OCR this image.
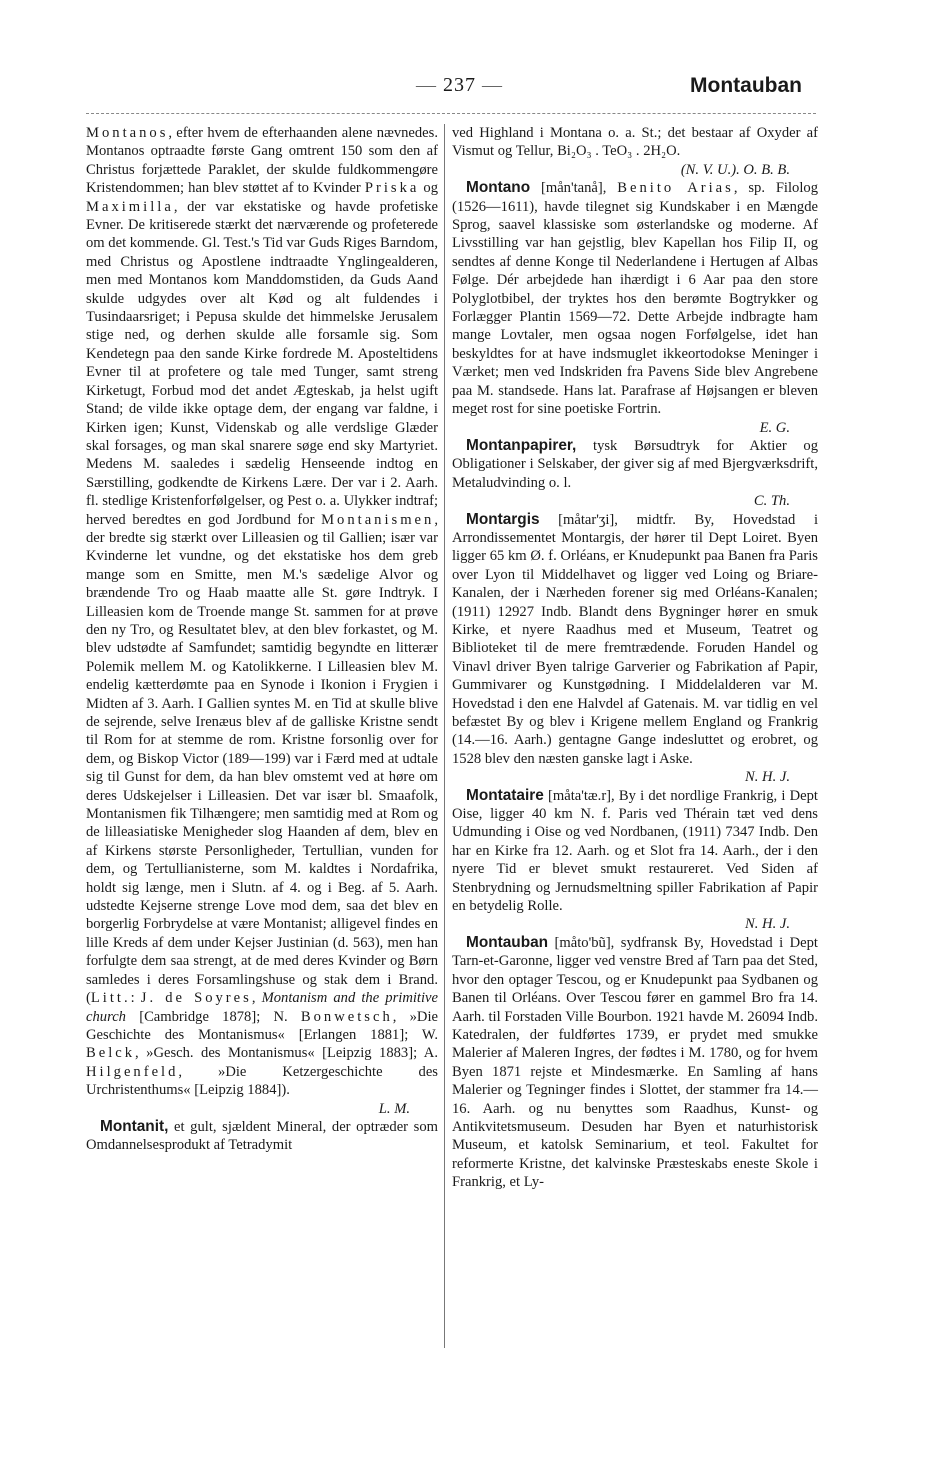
— 237 —	Montauban

Montanos, efter hvem de efterhaanden alene nævnedes. Montanos optraadte første Gang omtrent 150 som den af Christus forjættede Paraklet, der skulde fuldkommengøre Kristendommen; han blev støttet af to Kvinder Priska og Maximilla, der var ekstatiske og havde profetiske Evner. De kritiserede stærkt det nærværende og profeterede om det kommende. Gl. Test.'s Tid var Guds Riges Barndom, med Christus og Apostlene indtraadte Ynglingealderen, men med Montanos kom Manddomstiden, da Guds Aand skulde udgydes over alt Kød og alt fuldendes i Tusindaarsriget; i Pepusa skulde det himmelske Jerusalem stige ned, og derhen skulde alle forsamle sig. Som Kendetegn paa den sande Kirke fordrede M. Aposteltidens Evner til at profetere og tale med Tunger, samt streng Kirketugt, Forbud mod det andet Ægteskab, ja helst ugift Stand; de vilde ikke optage dem, der engang var faldne, i Kirken igen; Kunst, Videnskab og alle verdslige Glæder skal forsages, og man skal snarere søge end sky Martyriet. Medens M. saaledes i sædelig Henseende indtog en Særstilling, godkendte de Kirkens Lære. Der var i 2. Aarh. fl. stedlige Kristenforfølgelser, og Pest o. a. Ulykker indtraf; herved beredtes en god Jordbund for Montanismen, der bredte sig stærkt over Lilleasien og til Gallien; især var Kvinderne let vundne, og det ekstatiske hos dem greb mange som en Smitte, men M.'s sædelige Alvor og brændende Tro og Haab maatte alle St. gøre Indtryk. I Lilleasien kom de Troende mange St. sammen for at prøve den ny Tro, og Resultatet blev, at den blev forkastet, og M. blev udstødte af Samfundet; samtidig begyndte en litterær Polemik mellem M. og Katolikkerne. I Lilleasien blev M. endelig kætterdømte paa en Synode i Ikonion i Frygien i Midten af 3. Aarh. I Gallien syntes M. en Tid at skulle blive de sejrende, selve Irenæus blev af de galliske Kristne sendt til Rom for at stemme de rom. Kristne forsonlig over for dem, og Biskop Victor (189—199) var i Færd med at udtale sig til Gunst for dem, da han blev omstemt ved at høre om deres Udskejelser i Lilleasien. Det var især bl. Smaafolk, Montanismen fik Tilhængere; men samtidig med at Rom og de lilleasiatiske Menigheder slog Haanden af dem, blev en af Kirkens største Personligheder, Tertullian, vunden for dem, og Tertullianisterne, som M. kaldtes i Nordafrika, holdt sig længe, men i Slutn. af 4. og i Beg. af 5. Aarh. udstedte Kejserne strenge Love mod dem, saa det blev en borgerlig Forbrydelse at være Montanist; alligevel findes en lille Kreds af dem under Kejser Justinian (d. 563), men han forfulgte dem saa strengt, at de med deres Kvinder og Børn samledes i deres Forsamlingshuse og stak dem i Brand. (Litt.: J. de Soyres, Montanism and the primitive church [Cambridge 1878]; N. Bonwetsch, »Die Geschichte des Montanismus« [Erlangen 1881]; W. Belck, »Gesch. des Montanismus« [Leipzig 1883]; A. Hilgenfeld, »Die Ketzergeschichte des Urchristenthums« [Leipzig 1884]).
L. M.

Montanit, et gult, sjældent Mineral, der optræder som Omdannelsesprodukt af Tetradymit

ved Highland i Montana o. a. St.; det bestaar af Oxyder af Vismut og Tellur, Bi₂O₃ . TeO₃ . 2H₂O.
(N. V. U.). O. B. B.

Montano [mån'tanå], Benito Arias, sp. Filolog (1526—1611), havde tilegnet sig Kundskaber i en Mængde Sprog, saavel klassiske som østerlandske og moderne. Af Livsstilling var han gejstlig, blev Kapellan hos Filip II, og sendtes af denne Konge til Nederlandene i Hertugen af Albas Følge. Dér arbejdede han ihærdigt i 6 Aar paa den store Polyglotbibel, der tryktes hos den berømte Bogtrykker og Forlægger Plantin 1569—72. Dette Arbejde indbragte ham mange Lovtaler, men ogsaa nogen Forfølgelse, idet han beskyldtes for at have indsmuglet ikkeortodokse Meninger i Værket; men ved Indskriden fra Pavens Side blev Angrebene paa M. standsede. Hans lat. Parafrase af Højsangen er bleven meget rost for sine poetiske Fortrin.
E. G.

Montanpapirer, tysk Børsudtryk for Aktier og Obligationer i Selskaber, der giver sig af med Bjergværksdrift, Metaludvinding o. l.
C. Th.

Montargis [måtar'ʒi], midtfr. By, Hovedstad i Arrondissementet Montargis, der hører til Dept Loiret. Byen ligger 65 km Ø. f. Orléans, er Knudepunkt paa Banen fra Paris over Lyon til Middelhavet og ligger ved Loing og Briare-Kanalen, der i Nærheden forener sig med Orléans-Kanalen; (1911) 12927 Indb. Blandt dens Bygninger hører en smuk Kirke, et nyere Raadhus med et Museum, Teatret og Biblioteket til de mere fremtrædende. Foruden Handel og Vinavl driver Byen talrige Garverier og Fabrikation af Papir, Gummivarer og Kunstgødning. I Middelalderen var M. Hovedstad i den ene Halvdel af Gatenais. M. var tidlig en vel befæstet By og blev i Krigene mellem England og Frankrig (14.—16. Aarh.) gentagne Gange indesluttet og erobret, og 1528 blev den næsten ganske lagt i Aske.
N. H. J.

Montataire [måta'tæ.r], By i det nordlige Frankrig, i Dept Oise, ligger 40 km N. f. Paris ved Thérain tæt ved dens Udmunding i Oise og ved Nordbanen, (1911) 7347 Indb. Den har en Kirke fra 12. Aarh. og et Slot fra 14. Aarh., der i den nyere Tid er blevet smukt restaureret. Ved Siden af Stenbrydning og Jernudsmeltning spiller Fabrikation af Papir en betydelig Rolle.
N. H. J.

Montauban [måto'bũ], sydfransk By, Hovedstad i Dept Tarn-et-Garonne, ligger ved venstre Bred af Tarn paa det Sted, hvor den optager Tescou, og er Knudepunkt paa Sydbanen og Banen til Orléans. Over Tescou fører en gammel Bro fra 14. Aarh. til Forstaden Ville Bourbon. 1921 havde M. 26094 Indb. Katedralen, der fuldførtes 1739, er prydet med smukke Malerier af Maleren Ingres, der fødtes i M. 1780, og for hvem Byen 1871 rejste et Mindesmærke. En Samling af hans Malerier og Tegninger findes i Slottet, der stammer fra 14.—16. Aarh. og nu benyttes som Raadhus, Kunst- og Antikvitetsmuseum. Desuden har Byen et naturhistorisk Museum, et katolsk Seminarium, et teol. Fakultet for reformerte Kristne, det kalvinske Præsteskabs eneste Skole i Frankrig, et Ly-
